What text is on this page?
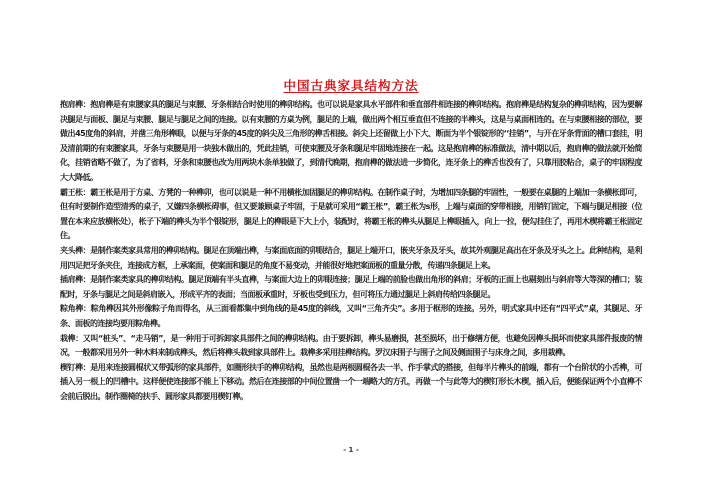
中国古典家具结构方法

抱肩榫：抱肩榫是有束腰家具的腿足与束腰、牙条相结合时使用的榫卯结构。也可以说是家具水平部件和垂直部件相连接的榫卯结构。抱肩榫是结构复杂的榫卯结构，因为要解决腿足与面板、腿足与束腰、腿足与腿足之间的连接。以有束腰的方桌为例，腿足的上端，做出两个相互垂直但不连接的半榫头，这是与桌面相连的。在与束腰相接的部位，要做出45度角的斜肩，并凿三角形榫眼，以便与牙条的45度的斜尖及三角形的榫舌相接。斜尖上还留做上小下大、断面为半个银锭形的‘‘挂销”，与开在牙条背面的槽口套挂，明及清前期的有束腰家具，牙条与束腰是用一块独木做出的，凭此挂销，可使束腰及牙条和腿足牢固地连接在一起。这是抱肩榫的标准做法，清中期以后，抱肩榫的做法就开始简化，挂销省略不做了，为了省料，牙条和束腰也改为用两块木条单独做了，到清代晚期，抱肩榫的做法进一步简化，连牙条上的榫舌也没有了，只靠用胶粘合，桌子的牢固程度大大降低。

霸王枨：霸王枨是用于方桌、方凳的一种榫卯，也可以说是一种不用横枨加固腿足的榫卯结构。在制作桌子时，为增加四条腿的牢固性，一般要在桌腿的上端加一条横枨即可，但有时要制作造型清秀的桌子，又嫌四条横枨碍事，但又要兼顾桌子牢固，于是就可采用“霸王枨”，霸王枨为s形，上端与桌面的穿带相接，用销钉固定，下端与腿足相接（位置在本来应放横枨处），枨子下端的榫头为半个银锭形，腿足上的榫眼是下大上小，装配时，将霸王枨的榫头从腿足上榫眼插入，向上一拉，便勾挂住了，再用木楔将霸王枨固定住。

夹头榫：是制作案类家具常用的榫卯结构。腿足在顶端出榫，与案面底面的卯眼结合，腿足上端开口，嵌夹牙条及牙头，故其外观腿足高出在牙条及牙头之上。此种结构，是利用四足把牙条夹住，连接成方框，上承案面，使案面和腿足的角度不易变动，并能很好地把案面板的重量分散，传递四条腿足上来。

插肩榫：是制作案类家具的榫卯结构。腿足顶端有半头直榫，与案面大边上的卯眼连接；腿足上端的前脸也做出角形的斜肩；牙板的正面上也剔刻出与斜肩等大等深的槽口；装配时，牙条与腿足之间是斜肩嵌入，形成平齐的表面；当面板承重时，牙板也受到压力，但可将压力通过腿足上斜肩传给四条腿足。

粽角榫：粽角榫因其外形像粽子角而得名，从三面看都集中到角线的是45度的斜线，又叫“三角齐尖”。多用于框形的连接。另外，明式家具中还有“四平式”桌，其腿足、牙条、面板的连接均要用粽角榫。

栽榫：又叫“桩头”、“走马销”，是一种用于可拆卸家具部件之间的榫卯结构。由于要拆卸，榫头易磨损，甚至损坏，出于修缮方便，也避免因榫头损坏而使家具部件报废的情况，一般都采用另外一种木料来制成榫头，然后将榫头栽到家具部件上。栽榫多采用挂榫结构。罗汉床围子与围子之间及侧面围子与床身之间，多用栽榫。

楔钉榫：是用来连接圆棍状又带弧形的家具部件，如圈形扶手的榫卯结构，虽然也是两根圆棍各去一半、作手掌式的搭接，但每半片榫头的前端，都有一个台阶状的小舌榫，可插入另一根上的凹槽中。这样便使连接部不能上下移动。然后在连接部的中间位置凿一个一端略大的方孔，再做一个与此等大的楔钉形长木楔，插入后，便能保证两个小直榫不会前后脱出。制作圈椅的扶手、圆形家具都要用楔钉榫。

- 1 -
